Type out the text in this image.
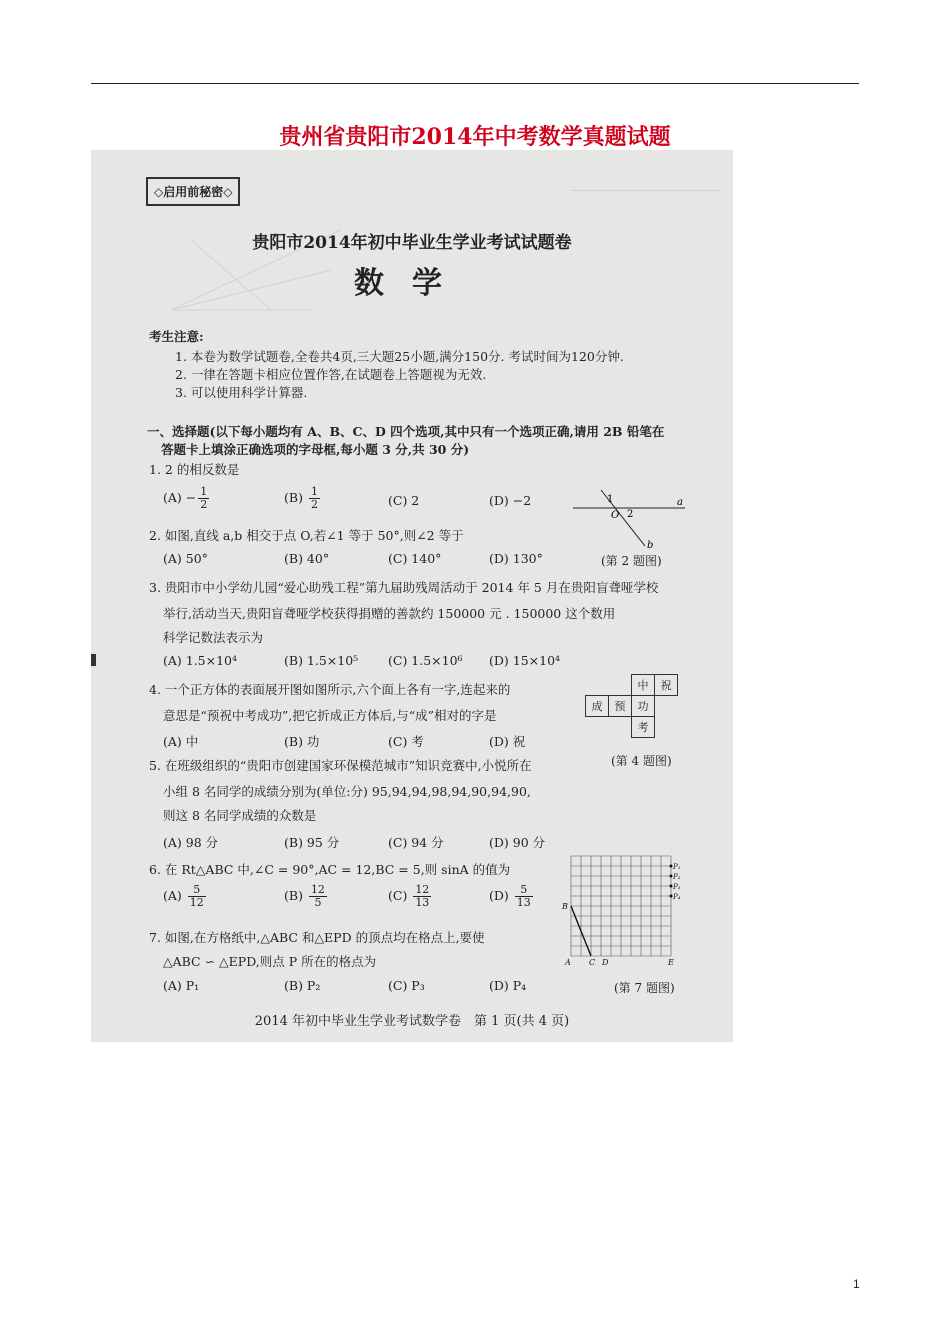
贵州省贵阳市2014年中考数学真题试题
◇启用前秘密◇
贵阳市2014年初中毕业生学业考试试题卷
数学
考生注意:
1. 本卷为数学试题卷,全卷共4页,三大题25小题,满分150分. 考试时间为120分钟.
2. 一律在答题卡相应位置作答,在试题卷上答题视为无效.
3. 可以使用科学计算器.
一、选择题(以下每小题均有 A、B、C、D 四个选项,其中只有一个选项正确,请用 2B 铅笔在
答题卡上填涂正确选项的字母框,每小题 3 分,共 30 分)
1. 2 的相反数是
$(A) - \frac{1}{2}$	$(B) \frac{1}{2}$	(C) 2	(D) −2	1
O 2
a
b
2. 如图,直线 a,b 相交于点 O,若∠1 等于 50°,则∠2 等于
(A) 50°	(B) 40°	(C) 140°	(D) 130°	(第 2 题图)
3. 贵阳市中小学幼儿园“爱心助残工程”第九届助残周活动于 2014 年 5 月在贵阳盲聋哑学校
举行,活动当天,贵阳盲聋哑学校获得捐赠的善款约 150000 元 . 150000 这个数用
科学记数法表示为
(A) 1.5×10⁴	(B) 1.5×10⁵ (C) 1.5×10⁶ (D) 15×10⁴
4. 一个正方体的表面展开图如图所示,六个面上各有一字,连起来的
意思是“预祝中考成功”,把它折成正方体后,与“成”相对的字是
(A) 中	(B) 功	(C) 考	(D) 祝
		中	祝
成	预	功	
		考	
(第 4 题图)
5. 在班级组织的“贵阳市创建国家环保模范城市”知识竞赛中,小悦所在
小组 8 名同学的成绩分别为(单位:分) 95,94,94,98,94,90,94,90,
则这 8 名同学成绩的众数是
(A) 98 分	(B) 95 分	(C) 94 分	(D) 90 分
6. 在 Rt△ABC 中,∠C = 90°,AC = 12,BC = 5,则 sinA 的值为
$(A) \frac{5}{12}$	$(B) \frac{12}{5}$	$(C) \frac{12}{13}$	$(D) \frac{5}{13}$
7. 如图,在方格纸中,△ABC 和△EPD 的顶点均在格点上,要使
△ABC ∽ △EPD,则点 P 所在的格点为
(A) P₁	(B) P₂	(C) P₃	(D) P₄
B
A C D	E
P₁
P₂
P₃
P₄
(第 7 题图)
2014 年初中毕业生学业考试数学卷　第 1 页(共 4 页)
1
